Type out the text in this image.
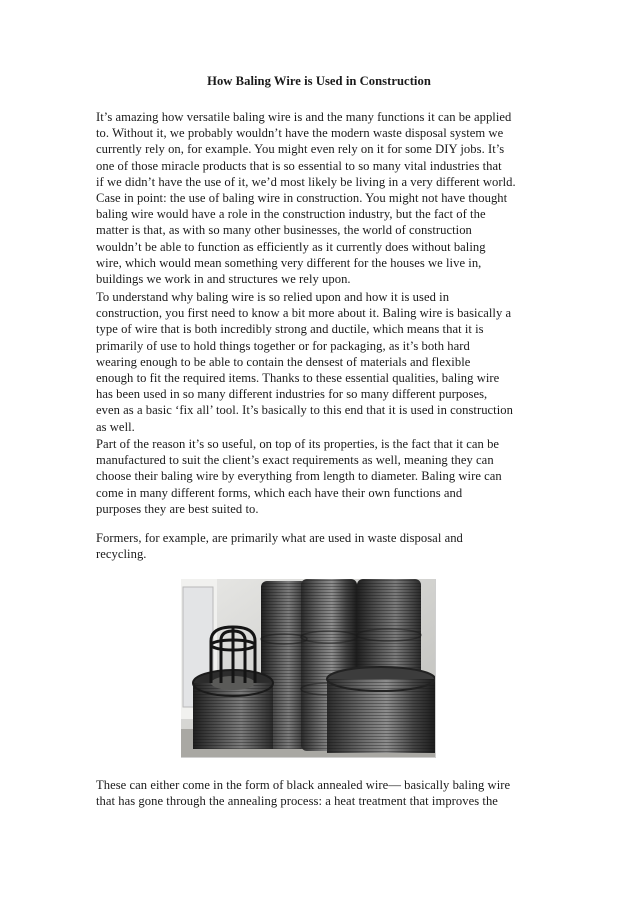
How Baling Wire is Used in Construction

It’s amazing how versatile baling wire is and the many functions it can be applied
to. Without it, we probably wouldn’t have the modern waste disposal system we
currently rely on, for example. You might even rely on it for some DIY jobs. It’s
one of those miracle products that is so essential to so many vital industries that
if we didn’t have the use of it, we’d most likely be living in a very different world.
Case in point: the use of baling wire in construction. You might not have thought
baling wire would have a role in the construction industry, but the fact of the
matter is that, as with so many other businesses, the world of construction
wouldn’t be able to function as efficiently as it currently does without baling
wire, which would mean something very different for the houses we live in,
buildings we work in and structures we rely upon.

To understand why baling wire is so relied upon and how it is used in
construction, you first need to know a bit more about it. Baling wire is basically a
type of wire that is both incredibly strong and ductile, which means that it is
primarily of use to hold things together or for packaging, as it’s both hard
wearing enough to be able to contain the densest of materials and flexible
enough to fit the required items. Thanks to these essential qualities, baling wire
has been used in so many different industries for so many different purposes,
even as a basic ‘fix all’ tool. It’s basically to this end that it is used in construction
as well.

Part of the reason it’s so useful, on top of its properties, is the fact that it can be
manufactured to suit the client’s exact requirements as well, meaning they can
choose their baling wire by everything from length to diameter. Baling wire can
come in many different forms, which each have their own functions and
purposes they are best suited to.

Formers, for example, are primarily what are used in waste disposal and
recycling.

These can either come in the form of black annealed wire— basically baling wire
that has gone through the annealing process: a heat treatment that improves the
